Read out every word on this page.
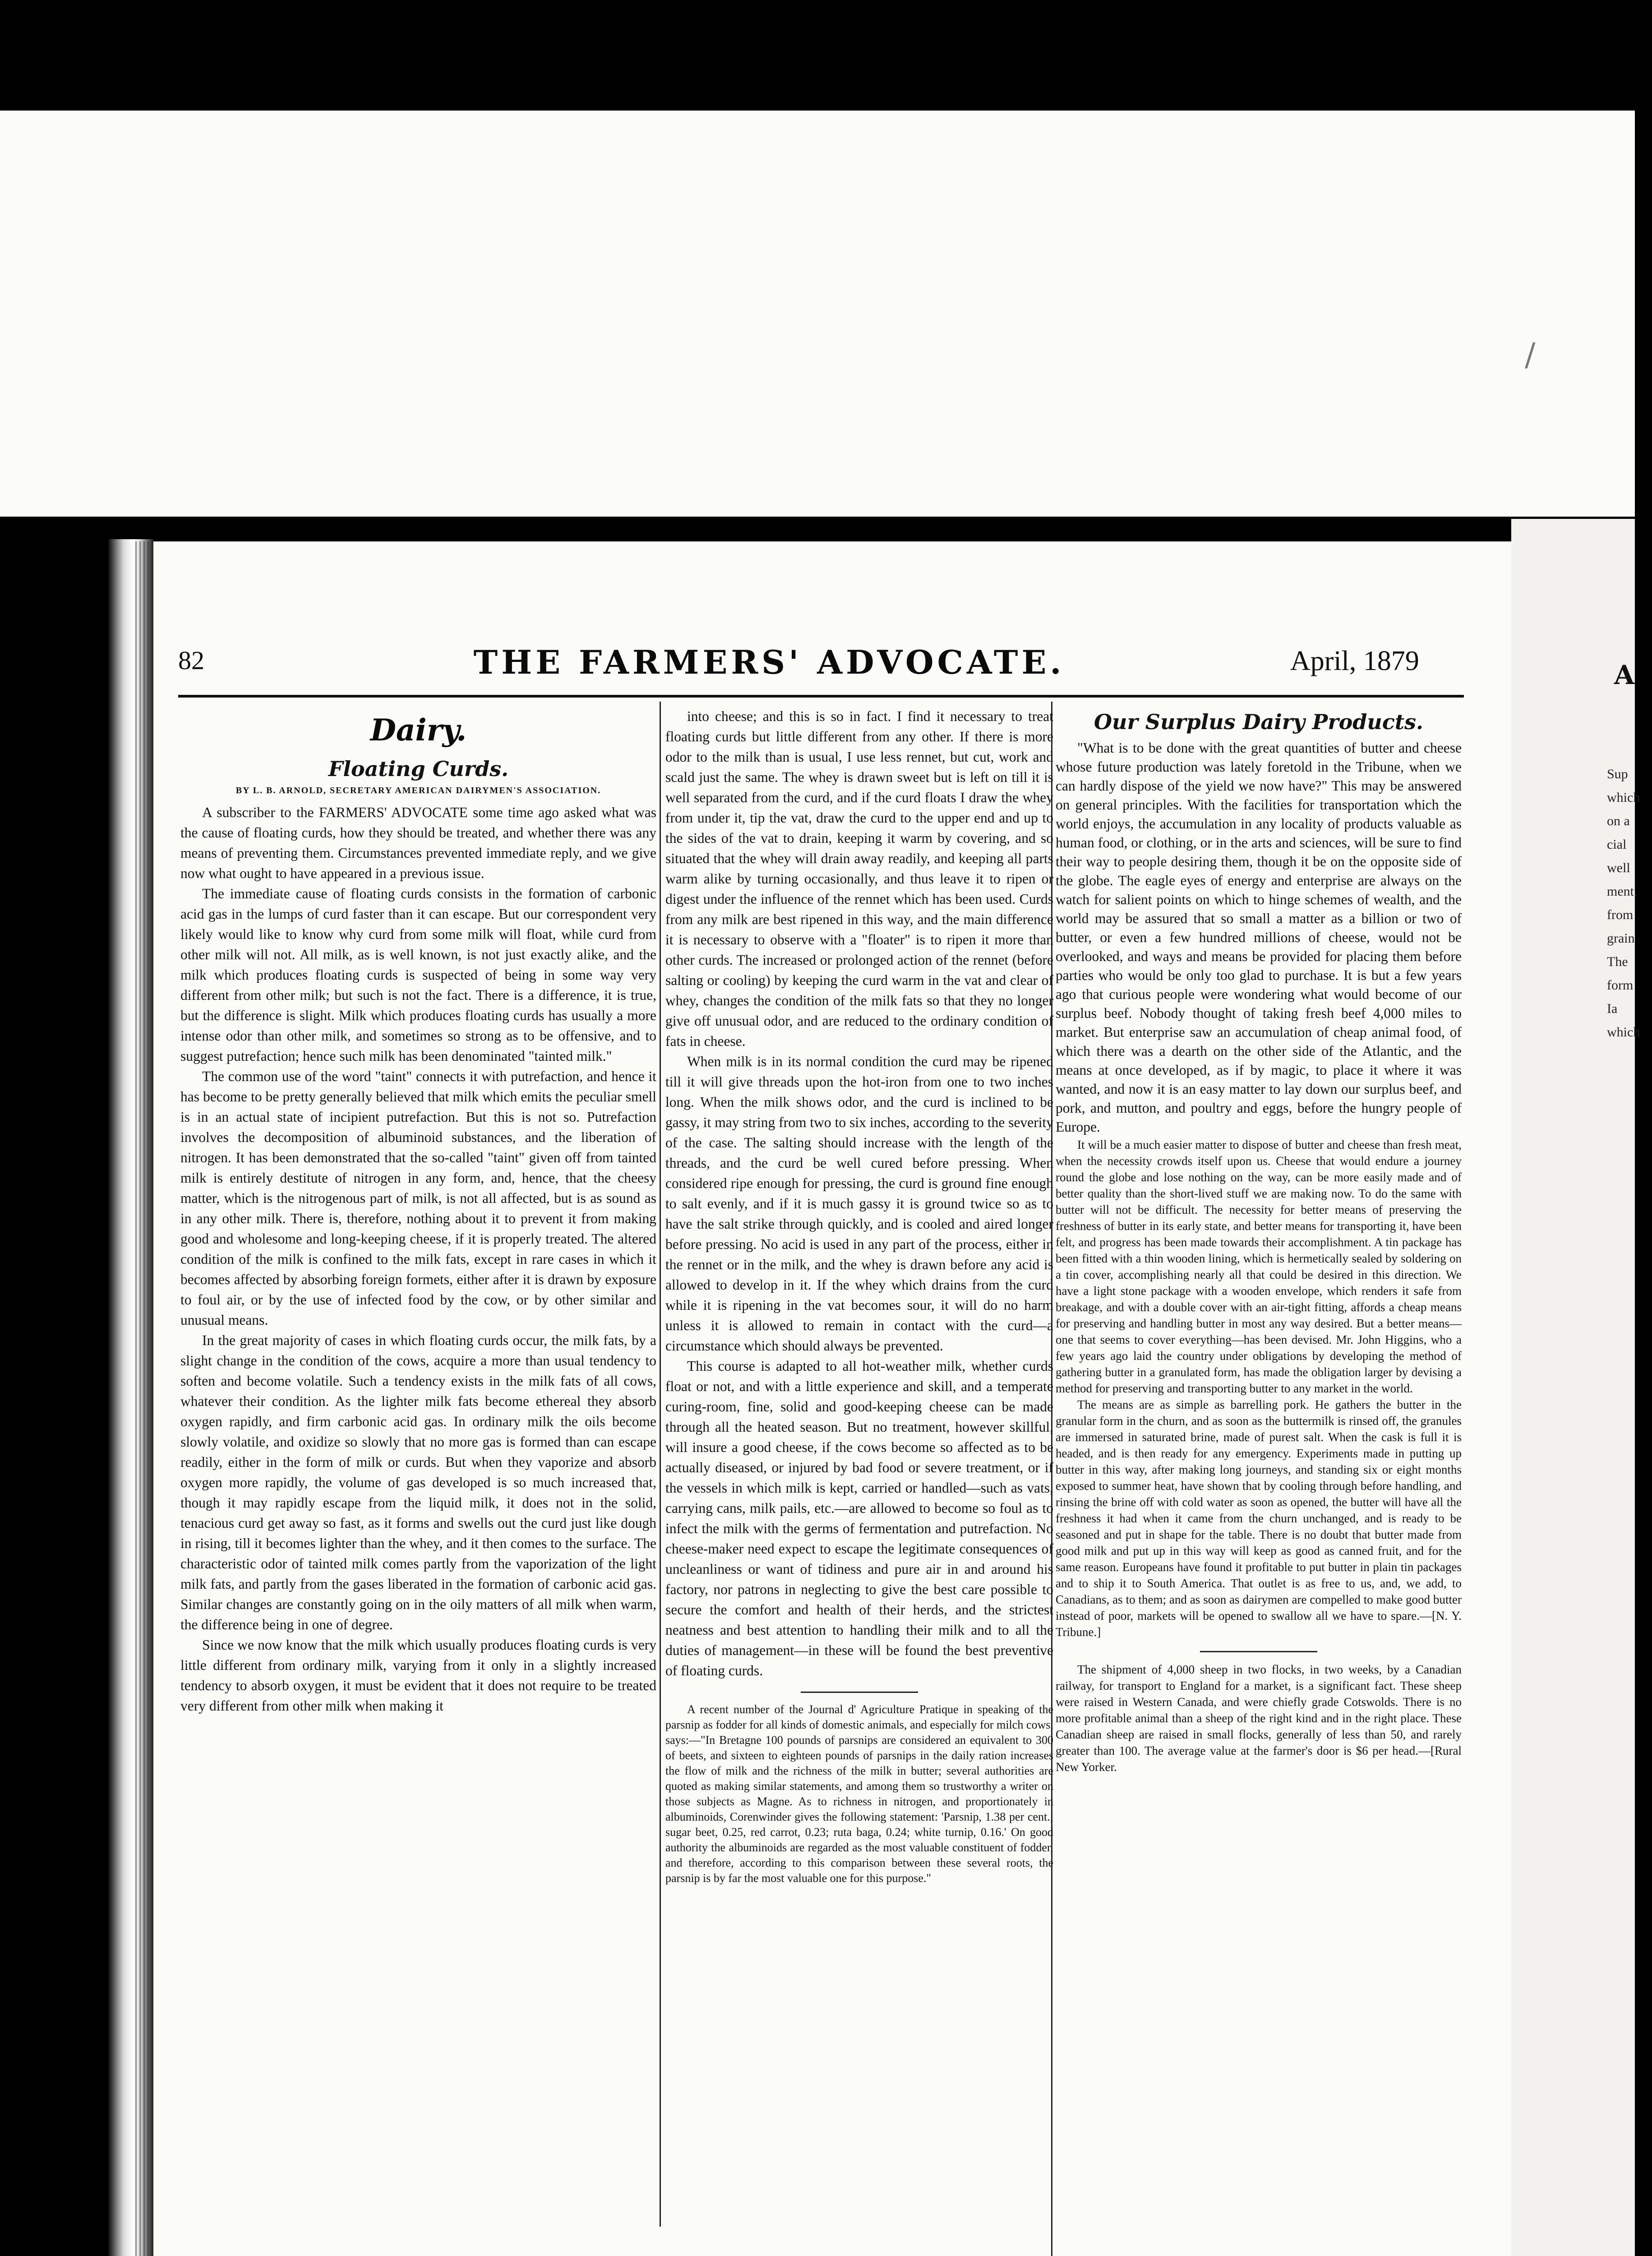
/
A
Sup
which
on a
cial
well
ment.
from
grain
The
form
Ia
which
82	THE FARMERS' ADVOCATE.	April, 1879
Dairy.
Floating Curds.
BY L. B. ARNOLD, SECRETARY AMERICAN DAIRYMEN'S ASSOCIATION.

A subscriber to the FARMERS' ADVOCATE some time ago asked what was the cause of floating curds, how they should be treated, and whether there was any means of preventing them. Circumstances prevented immediate reply, and we give now what ought to have appeared in a previous issue.

The immediate cause of floating curds consists in the formation of carbonic acid gas in the lumps of curd faster than it can escape. But our correspondent very likely would like to know why curd from some milk will float, while curd from other milk will not. All milk, as is well known, is not just exactly alike, and the milk which produces floating curds is suspected of being in some way very different from other milk; but such is not the fact. There is a difference, it is true, but the difference is slight. Milk which produces floating curds has usually a more intense odor than other milk, and sometimes so strong as to be offensive, and to suggest putrefaction; hence such milk has been denominated "tainted milk."

The common use of the word "taint" connects it with putrefaction, and hence it has become to be pretty generally believed that milk which emits the peculiar smell is in an actual state of incipient putrefaction. But this is not so. Putrefaction involves the decomposition of albuminoid substances, and the liberation of nitrogen. It has been demonstrated that the so-called "taint" given off from tainted milk is entirely destitute of nitrogen in any form, and, hence, that the cheesy matter, which is the nitrogenous part of milk, is not all affected, but is as sound as in any other milk. There is, therefore, nothing about it to prevent it from making good and wholesome and long-keeping cheese, if it is properly treated. The altered condition of the milk is confined to the milk fats, except in rare cases in which it becomes affected by absorbing foreign formets, either after it is drawn by exposure to foul air, or by the use of infected food by the cow, or by other similar and unusual means.

In the great majority of cases in which floating curds occur, the milk fats, by a slight change in the condition of the cows, acquire a more than usual tendency to soften and become volatile. Such a tendency exists in the milk fats of all cows, whatever their condition. As the lighter milk fats become ethereal they absorb oxygen rapidly, and firm carbonic acid gas. In ordinary milk the oils become slowly volatile, and oxidize so slowly that no more gas is formed than can escape readily, either in the form of milk or curds. But when they vaporize and absorb oxygen more rapidly, the volume of gas developed is so much increased that, though it may rapidly escape from the liquid milk, it does not in the solid, tenacious curd get away so fast, as it forms and swells out the curd just like dough in rising, till it becomes lighter than the whey, and it then comes to the surface. The characteristic odor of tainted milk comes partly from the vaporization of the light milk fats, and partly from the gases liberated in the formation of carbonic acid gas. Similar changes are constantly going on in the oily matters of all milk when warm, the difference being in one of degree.

Since we now know that the milk which usually produces floating curds is very little different from ordinary milk, varying from it only in a slightly increased tendency to absorb oxygen, it must be evident that it does not require to be treated very different from other milk when making it

into cheese; and this is so in fact. I find it necessary to treat floating curds but little different from any other. If there is more odor to the milk than is usual, I use less rennet, but cut, work and scald just the same. The whey is drawn sweet but is left on till it is well separated from the curd, and if the curd floats I draw the whey from under it, tip the vat, draw the curd to the upper end and up to the sides of the vat to drain, keeping it warm by covering, and so situated that the whey will drain away readily, and keeping all parts warm alike by turning occasionally, and thus leave it to ripen or digest under the influence of the rennet which has been used. Curds from any milk are best ripened in this way, and the main difference it is necessary to observe with a "floater" is to ripen it more than other curds. The increased or prolonged action of the rennet (before salting or cooling) by keeping the curd warm in the vat and clear of whey, changes the condition of the milk fats so that they no longer give off unusual odor, and are reduced to the ordinary condition of fats in cheese.

When milk is in its normal condition the curd may be ripened till it will give threads upon the hot-iron from one to two inches long. When the milk shows odor, and the curd is inclined to be gassy, it may string from two to six inches, according to the severity of the case. The salting should increase with the length of the threads, and the curd be well cured before pressing. When considered ripe enough for pressing, the curd is ground fine enough to salt evenly, and if it is much gassy it is ground twice so as to have the salt strike through quickly, and is cooled and aired longer before pressing. No acid is used in any part of the process, either in the rennet or in the milk, and the whey is drawn before any acid is allowed to develop in it. If the whey which drains from the curd while it is ripening in the vat becomes sour, it will do no harm unless it is allowed to remain in contact with the curd—a circumstance which should always be prevented.

This course is adapted to all hot-weather milk, whether curds float or not, and with a little experience and skill, and a temperate curing-room, fine, solid and good-keeping cheese can be made through all the heated season. But no treatment, however skillful, will insure a good cheese, if the cows become so affected as to be actually diseased, or injured by bad food or severe treatment, or if the vessels in which milk is kept, carried or handled—such as vats, carrying cans, milk pails, etc.—are allowed to become so foul as to infect the milk with the germs of fermentation and putrefaction. No cheese-maker need expect to escape the legitimate consequences of uncleanliness or want of tidiness and pure air in and around his factory, nor patrons in neglecting to give the best care possible to secure the comfort and health of their herds, and the strictest neatness and best attention to handling their milk and to all the duties of management—in these will be found the best preventive of floating curds.

A recent number of the Journal d' Agriculture Pratique in speaking of the parsnip as fodder for all kinds of domestic animals, and especially for milch cows, says:—"In Bretagne 100 pounds of parsnips are considered an equivalent to 300 of beets, and sixteen to eighteen pounds of parsnips in the daily ration increases the flow of milk and the richness of the milk in butter; several authorities are quoted as making similar statements, and among them so trustworthy a writer on those subjects as Magne. As to richness in nitrogen, and proportionately in albuminoids, Corenwinder gives the following statement: 'Parsnip, 1.38 per cent.; sugar beet, 0.25, red carrot, 0.23; ruta baga, 0.24; white turnip, 0.16.' On good authority the albuminoids are regarded as the most valuable constituent of fodder, and therefore, according to this comparison between these several roots, the parsnip is by far the most valuable one for this purpose."

Our Surplus Dairy Products.

"What is to be done with the great quantities of butter and cheese whose future production was lately foretold in the Tribune, when we can hardly dispose of the yield we now have?" This may be answered on general principles. With the facilities for transportation which the world enjoys, the accumulation in any locality of products valuable as human food, or clothing, or in the arts and sciences, will be sure to find their way to people desiring them, though it be on the opposite side of the globe. The eagle eyes of energy and enterprise are always on the watch for salient points on which to hinge schemes of wealth, and the world may be assured that so small a matter as a billion or two of butter, or even a few hundred millions of cheese, would not be overlooked, and ways and means be provided for placing them before parties who would be only too glad to purchase. It is but a few years ago that curious people were wondering what would become of our surplus beef. Nobody thought of taking fresh beef 4,000 miles to market. But enterprise saw an accumulation of cheap animal food, of which there was a dearth on the other side of the Atlantic, and the means at once developed, as if by magic, to place it where it was wanted, and now it is an easy matter to lay down our surplus beef, and pork, and mutton, and poultry and eggs, before the hungry people of Europe.

It will be a much easier matter to dispose of butter and cheese than fresh meat, when the necessity crowds itself upon us. Cheese that would endure a journey round the globe and lose nothing on the way, can be more easily made and of better quality than the short-lived stuff we are making now. To do the same with butter will not be difficult. The necessity for better means of preserving the freshness of butter in its early state, and better means for transporting it, have been felt, and progress has been made towards their accomplishment. A tin package has been fitted with a thin wooden lining, which is hermetically sealed by soldering on a tin cover, accomplishing nearly all that could be desired in this direction. We have a light stone package with a wooden envelope, which renders it safe from breakage, and with a double cover with an air-tight fitting, affords a cheap means for preserving and handling butter in most any way desired. But a better means—one that seems to cover everything—has been devised. Mr. John Higgins, who a few years ago laid the country under obligations by developing the method of gathering butter in a granulated form, has made the obligation larger by devising a method for preserving and transporting butter to any market in the world.

The means are as simple as barrelling pork. He gathers the butter in the granular form in the churn, and as soon as the buttermilk is rinsed off, the granules are immersed in saturated brine, made of purest salt. When the cask is full it is headed, and is then ready for any emergency. Experiments made in putting up butter in this way, after making long journeys, and standing six or eight months exposed to summer heat, have shown that by cooling through before handling, and rinsing the brine off with cold water as soon as opened, the butter will have all the freshness it had when it came from the churn unchanged, and is ready to be seasoned and put in shape for the table. There is no doubt that butter made from good milk and put up in this way will keep as good as canned fruit, and for the same reason. Europeans have found it profitable to put butter in plain tin packages and to ship it to South America. That outlet is as free to us, and, we add, to Canadians, as to them; and as soon as dairymen are compelled to make good butter instead of poor, markets will be opened to swallow all we have to spare.—[N. Y. Tribune.]

The shipment of 4,000 sheep in two flocks, in two weeks, by a Canadian railway, for transport to England for a market, is a significant fact. These sheep were raised in Western Canada, and were chiefly grade Cotswolds. There is no more profitable animal than a sheep of the right kind and in the right place. These Canadian sheep are raised in small flocks, generally of less than 50, and rarely greater than 100. The average value at the farmer's door is $6 per head.—[Rural New Yorker.
